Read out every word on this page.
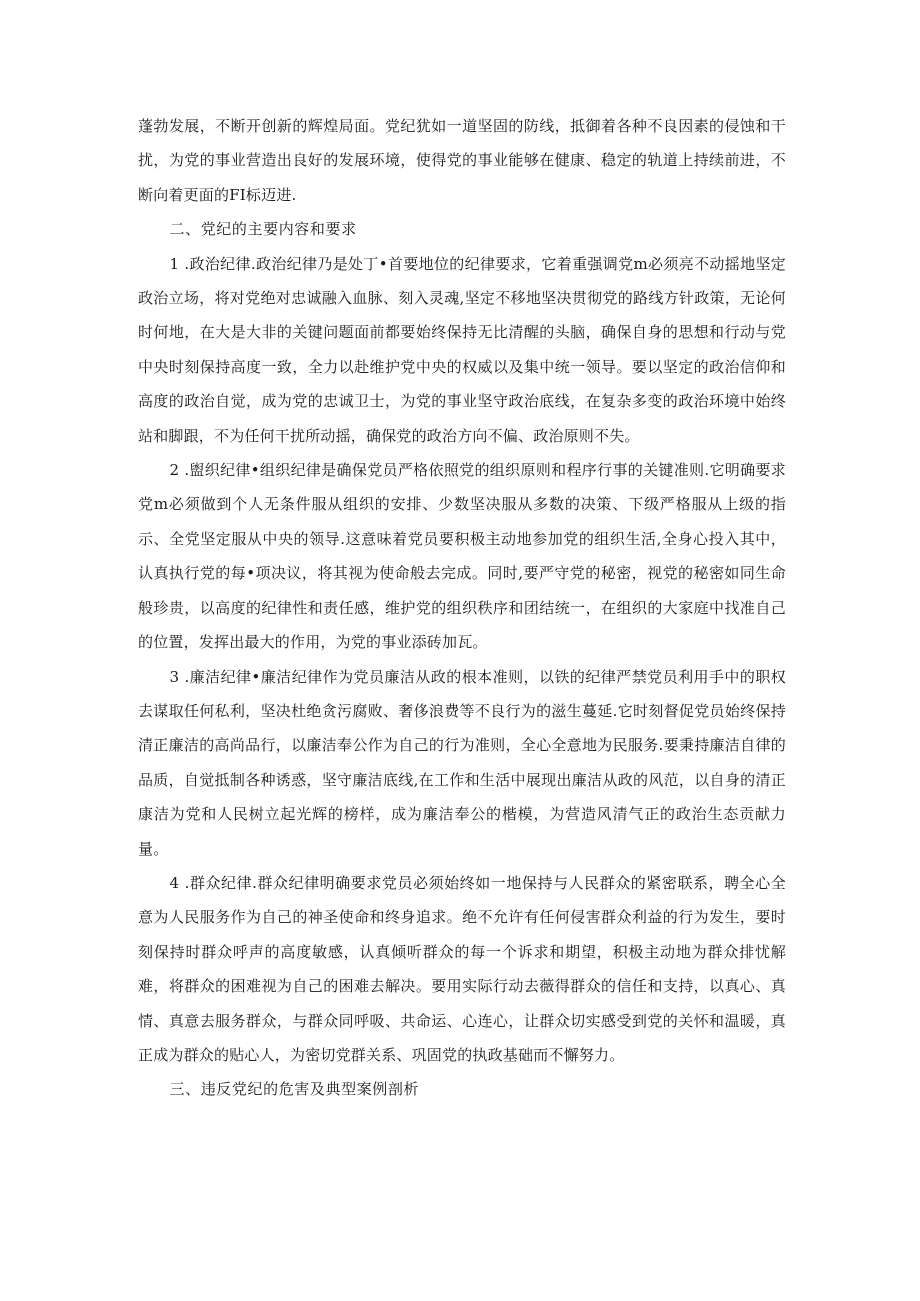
蓬勃发展，不断开创新的辉煌局面。党纪犹如一道坚固的防线，抵御着各种不良因素的侵蚀和干扰，为党的事业营造出良好的发展环境，使得党的事业能够在健康、稳定的轨道上持续前进，不断向着更面的FI标迈进.

二、党纪的主要内容和要求

1 .政治纪律.政治纪律乃是处丁•首要地位的纪律要求，它着重强调党m必须亮不动摇地坚定政治立场，将对党绝对忠诚融入血脉、刻入灵魂,坚定不移地坚决贯彻党的路线方针政策，无论何时何地，在大是大非的关键问题面前都要始终保持无比清醒的头脑，确保自身的思想和行动与党中央时刻保持高度一致，全力以赴维护党中央的权威以及集中统一领导。要以坚定的政治信仰和高度的政治自觉，成为党的忠诚卫士，为党的事业坚守政治底线，在复杂多变的政治环境中始终站和脚跟，不为任何干扰所动摇，确保党的政治方向不偏、政治原则不失。

2 .盥织纪律•组织纪律是确保党员严格依照党的组织原则和程序行事的关键准则.它明确要求党m必须做到个人无条件服从组织的安排、少数坚决服从多数的决策、下级严格服从上级的指示、全党坚定服从中央的领导.这意味着党员要积极主动地参加党的组织生活,全身心投入其中，认真执行党的每•项决议，将其视为使命般去完成。同时,要严守党的秘密，视党的秘密如同生命般珍贵，以高度的纪律性和责任感，维护党的组织秩序和团结统一，在组织的大家庭中找准自己的位置，发挥出最大的作用，为党的事业添砖加瓦。

3 .廉洁纪律•廉洁纪律作为党员廉洁从政的根本准则，以铁的纪律严禁党员利用手中的职权去谋取任何私利，坚决杜绝贪污腐败、奢侈浪费等不良行为的滋生蔓延.它时刻督促党员始终保持清正廉洁的高尚品行，以廉洁奉公作为自己的行为准则，全心全意地为民服务.要秉持廉洁自律的品质，自觉抵制各种诱惑，坚守廉洁底线,在工作和生活中展现出廉洁从政的风范，以自身的清正康洁为党和人民树立起光辉的榜样，成为廉洁奉公的楷模，为营造风清气正的政治生态贡献力量。

4 .群众纪律.群众纪律明确要求党员必须始终如一地保持与人民群众的紧密联系，聘全心全意为人民服务作为自己的神圣使命和终身追求。绝不允许有任何侵害群众利益的行为发生，要时刻保持时群众呼声的高度敏感，认真倾听群众的每一个诉求和期望，积极主动地为群众排忧解难，将群众的困难视为自己的困难去解决。要用实际行动去薇得群众的信任和支持，以真心、真情、真意去服务群众，与群众同呼吸、共命运、心连心，让群众切实感受到党的关怀和温暖，真正成为群众的贴心人，为密切党群关系、巩固党的执政基础而不懈努力。

三、违反党纪的危害及典型案例剖析
